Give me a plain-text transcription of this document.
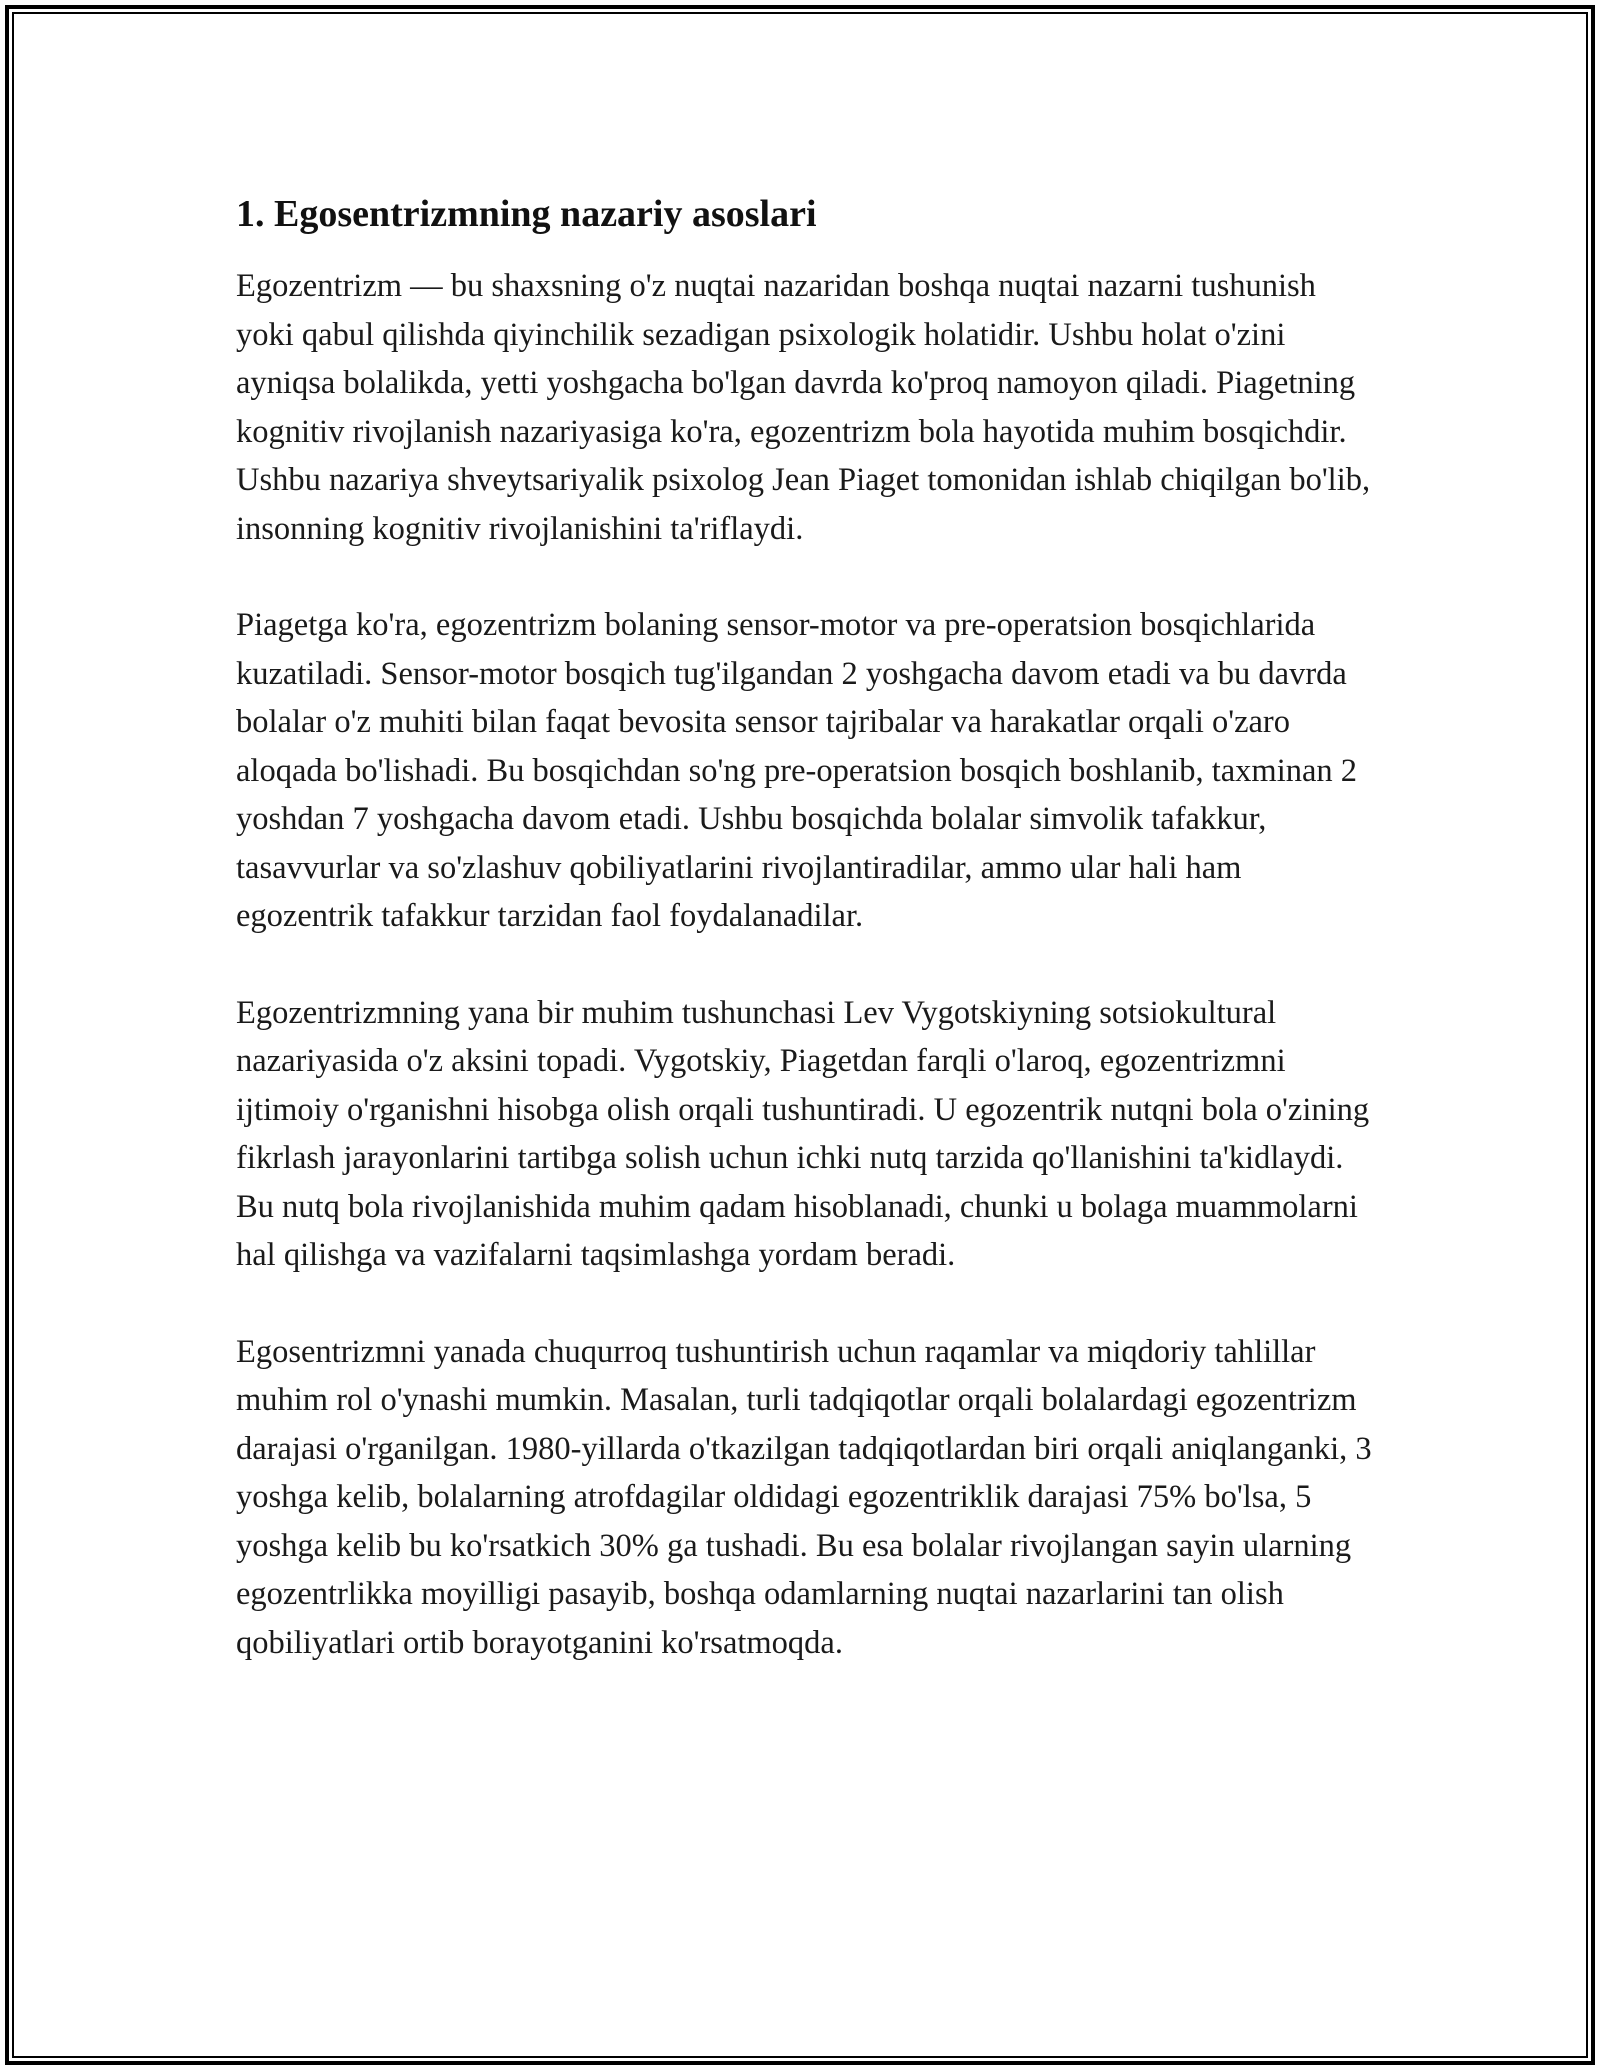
1. Egosentrizmning nazariy asoslari

Egozentrizm — bu shaxsning o'z nuqtai nazaridan boshqa nuqtai nazarni tushunish yoki qabul qilishda qiyinchilik sezadigan psixologik holatidir. Ushbu holat o'zini ayniqsa bolalikda, yetti yoshgacha bo'lgan davrda ko'proq namoyon qiladi. Piagetning kognitiv rivojlanish nazariyasiga ko'ra, egozentrizm bola hayotida muhim bosqichdir. Ushbu nazariya shveytsariyalik psixolog Jean Piaget tomonidan ishlab chiqilgan bo'lib, insonning kognitiv rivojlanishini ta'riflaydi.

Piagetga ko'ra, egozentrizm bolaning sensor-motor va pre-operatsion bosqichlarida kuzatiladi. Sensor-motor bosqich tug'ilgandan 2 yoshgacha davom etadi va bu davrda bolalar o'z muhiti bilan faqat bevosita sensor tajribalar va harakatlar orqali o'zaro aloqada bo'lishadi. Bu bosqichdan so'ng pre-operatsion bosqich boshlanib, taxminan 2 yoshdan 7 yoshgacha davom etadi. Ushbu bosqichda bolalar simvolik tafakkur, tasavvurlar va so'zlashuv qobiliyatlarini rivojlantiradilar, ammo ular hali ham egozentrik tafakkur tarzidan faol foydalanadilar.

Egozentrizmning yana bir muhim tushunchasi Lev Vygotskiyning sotsiokultural nazariyasida o'z aksini topadi. Vygotskiy, Piagetdan farqli o'laroq, egozentrizmni ijtimoiy o'rganishni hisobga olish orqali tushuntiradi. U egozentrik nutqni bola o'zining fikrlash jarayonlarini tartibga solish uchun ichki nutq tarzida qo'llanishini ta'kidlaydi. Bu nutq bola rivojlanishida muhim qadam hisoblanadi, chunki u bolaga muammolarni hal qilishga va vazifalarni taqsimlashga yordam beradi.

Egosentrizmni yanada chuqurroq tushuntirish uchun raqamlar va miqdoriy tahlillar muhim rol o'ynashi mumkin. Masalan, turli tadqiqotlar orqali bolalardagi egozentrizm darajasi o'rganilgan. 1980-yillarda o'tkazilgan tadqiqotlardan biri orqali aniqlanganki, 3 yoshga kelib, bolalarning atrofdagilar oldidagi egozentriklik darajasi 75% bo'lsa, 5 yoshga kelib bu ko'rsatkich 30% ga tushadi. Bu esa bolalar rivojlangan sayin ularning egozentrlikka moyilligi pasayib, boshqa odamlarning nuqtai nazarlarini tan olish qobiliyatlari ortib borayotganini ko'rsatmoqda.
